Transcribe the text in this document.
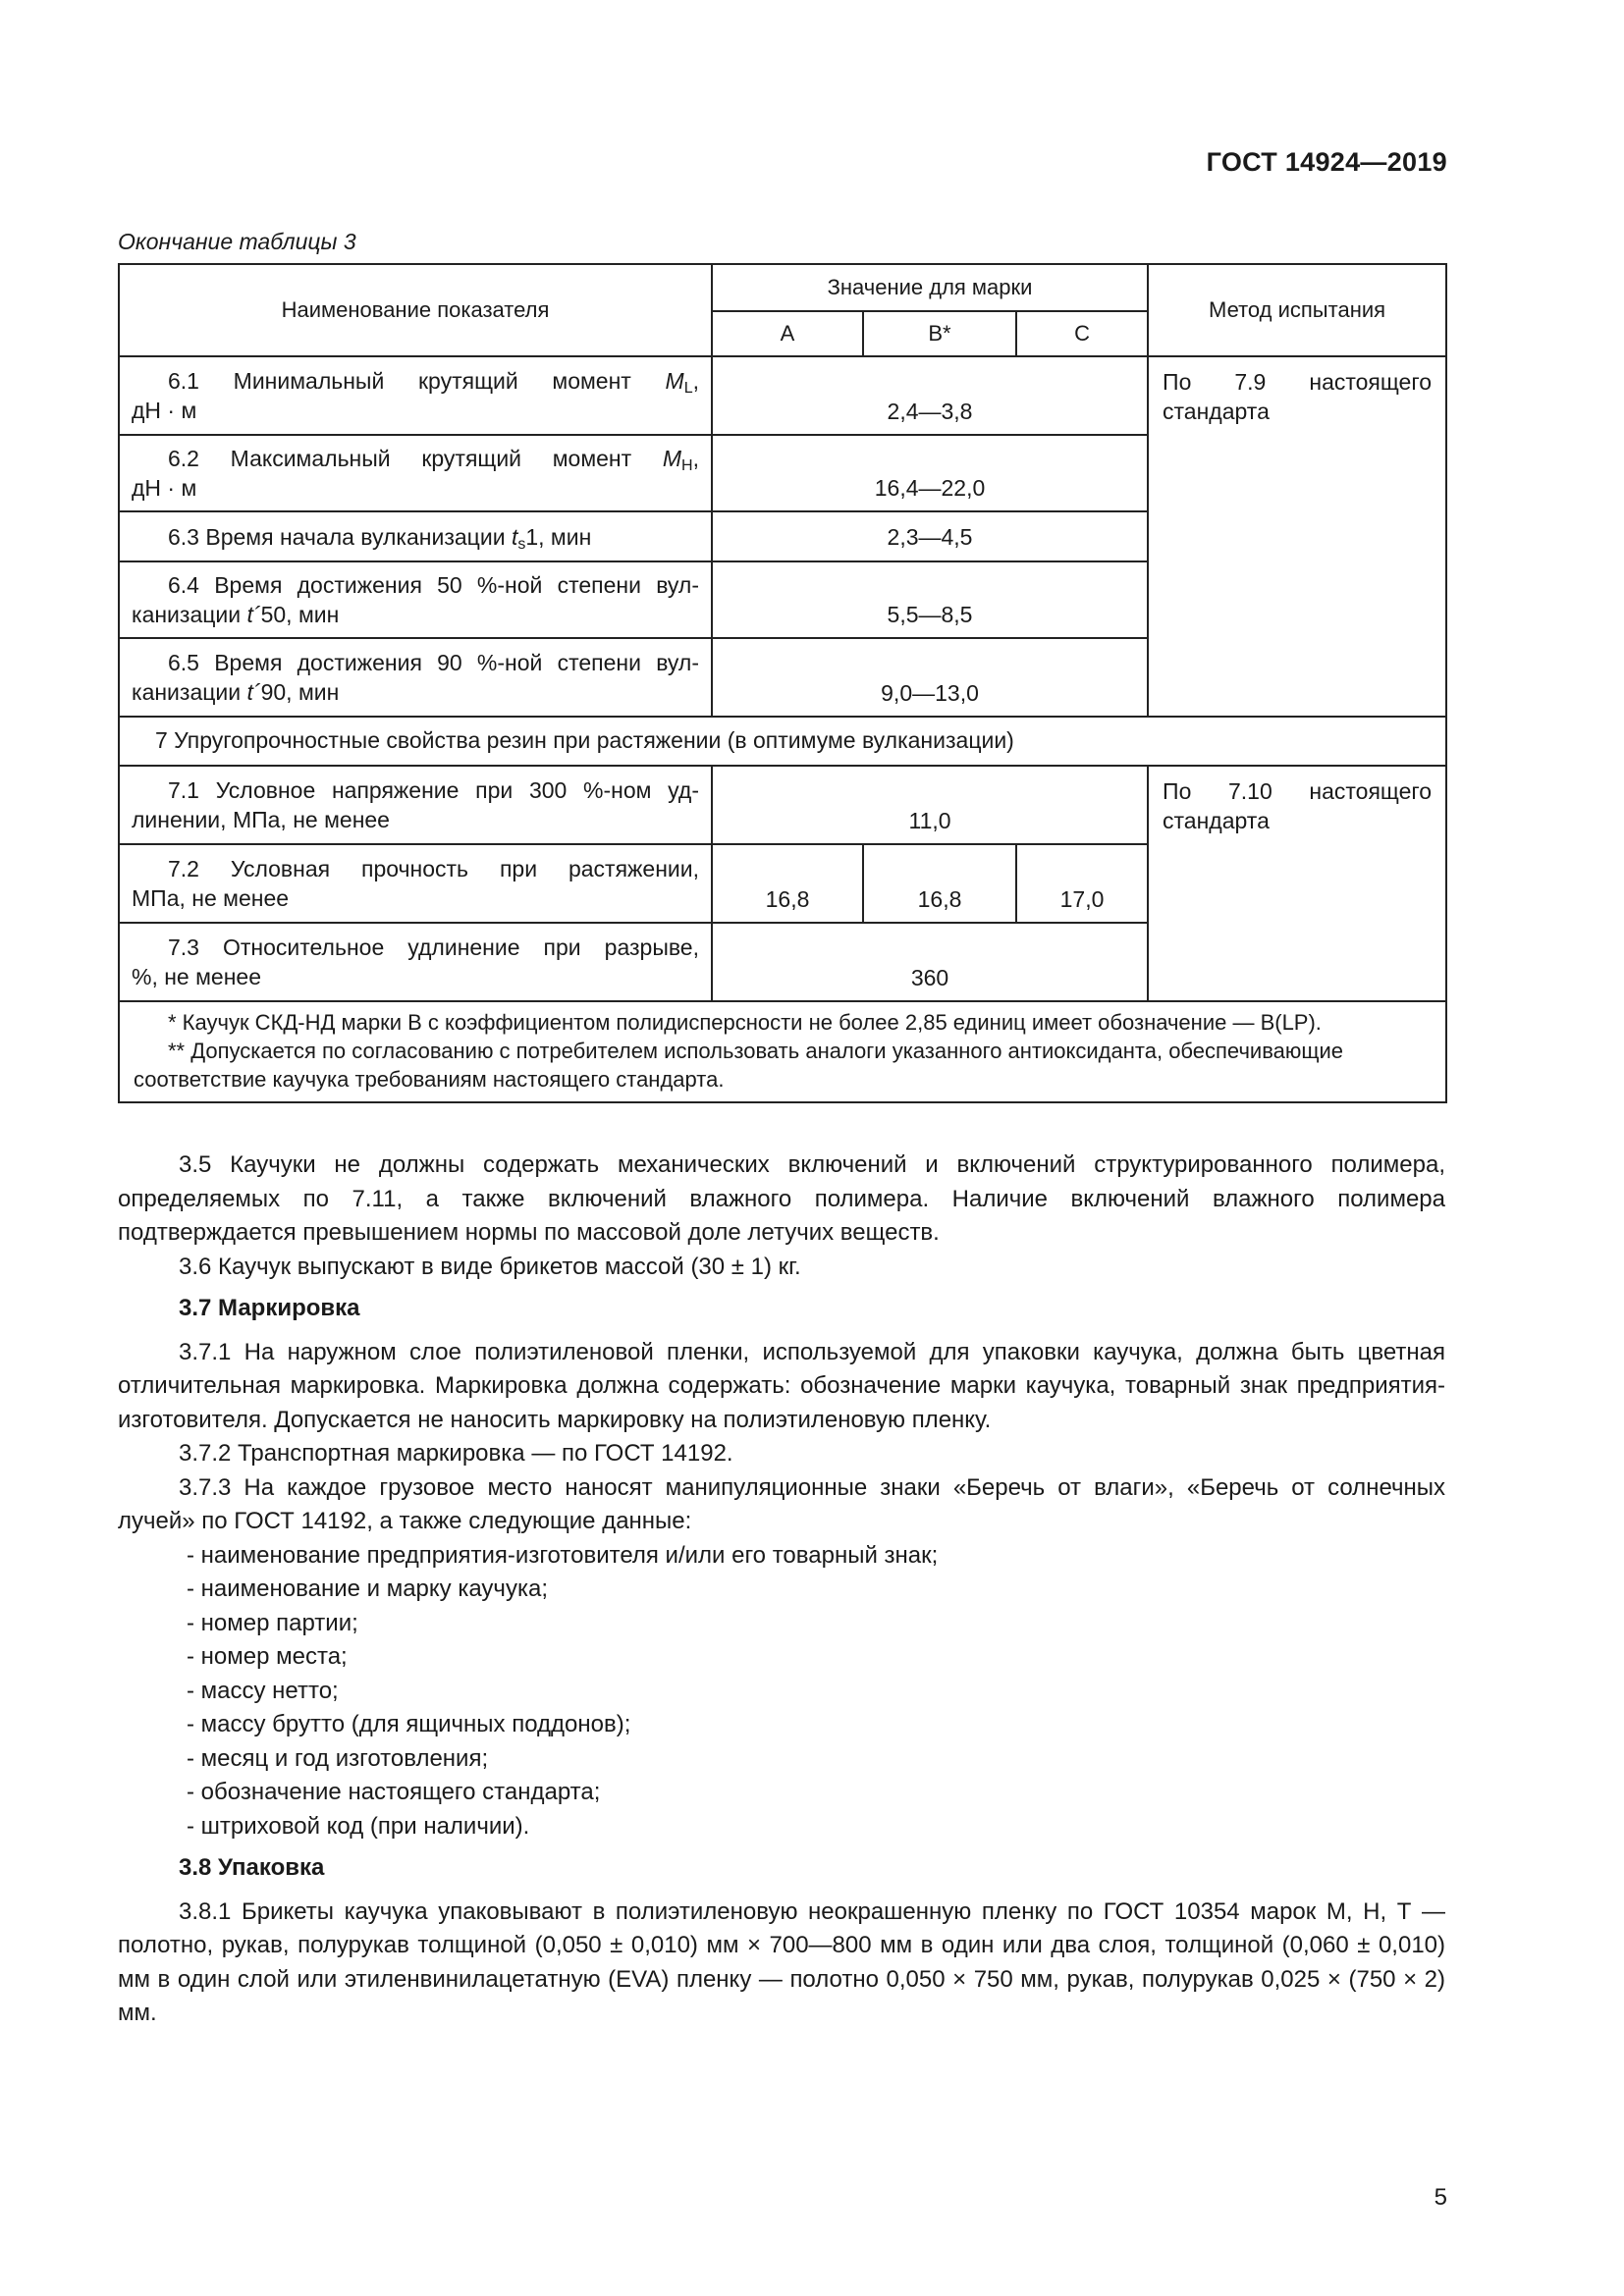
ГОСТ 14924—2019
Окончание таблицы 3
Наименование показателя	Значение для марки			Метод испытания
	А	В*	С	

6.1 Минимальный крутящий момент $M_L$,
дН · м	2,4—3,8			По 7.9 настоящего
стандарта

6.2 Максимальный крутящий момент $M_H$,
дН · м	16,4—22,0			
6.3 Время начала вулканизации $t_s1$, мин	2,3—4,5			

6.4 Время достижения 50 %-ной степени вул-
канизации t´50, мин	5,5—8,5			

6.5 Время достижения 90 %-ной степени вул-
канизации t´90, мин	9,0—13,0			
7 Упругопрочностные свойства резин при растяжении (в оптимуме вулканизации)				

7.1 Условное напряжение при 300 %-ном уд-
линении, МПа, не менее	11,0			По 7.10 настоящего
стандарта

7.2 Условная прочность при растяжении,
МПа, не менее	16,8	16,8	17,0	

7.3 Относительное удлинение при разрыве,
%, не менее	360			

* Каучук СКД-НД марки В с коэффициентом полидисперсности не более 2,85 единиц имеет обозначение — В(LP).

** Допускается по согласованию с потребителем использовать аналоги указанного антиоксиданта, обеспечивающие соответствие каучука требованиям настоящего стандарта.				

3.5 Каучуки не должны содержать механических включений и включений структурированного полимера, определяемых по 7.11, а также включений влажного полимера. Наличие включений влажного полимера подтверждается превышением нормы по массовой доле летучих веществ.

3.6 Каучук выпускают в виде брикетов массой (30 ± 1) кг.

3.7 Маркировка

3.7.1 На наружном слое полиэтиленовой пленки, используемой для упаковки каучука, должна быть цветная отличительная маркировка. Маркировка должна содержать: обозначение марки каучука, товарный знак предприятия-изготовителя. Допускается не наносить маркировку на полиэтиленовую пленку.

3.7.2 Транспортная маркировка — по ГОСТ 14192.

3.7.3 На каждое грузовое место наносят манипуляционные знаки «Беречь от влаги», «Беречь от солнечных лучей» по ГОСТ 14192, а также следующие данные:

- наименование предприятия-изготовителя и/или его товарный знак;

- наименование и марку каучука;

- номер партии;

- номер места;

- массу нетто;

- массу брутто (для ящичных поддонов);

- месяц и год изготовления;

- обозначение настоящего стандарта;

- штриховой код (при наличии).

3.8 Упаковка

3.8.1 Брикеты каучука упаковывают в полиэтиленовую неокрашенную пленку по ГОСТ 10354 марок М, Н, Т — полотно, рукав, полурукав толщиной (0,050 ± 0,010) мм × 700—800 мм в один или два слоя, толщиной (0,060 ± 0,010) мм в один слой или этиленвинилацетатную (EVA) пленку — полотно 0,050 × 750 мм, рукав, полурукав 0,025 × (750 × 2) мм.

5
